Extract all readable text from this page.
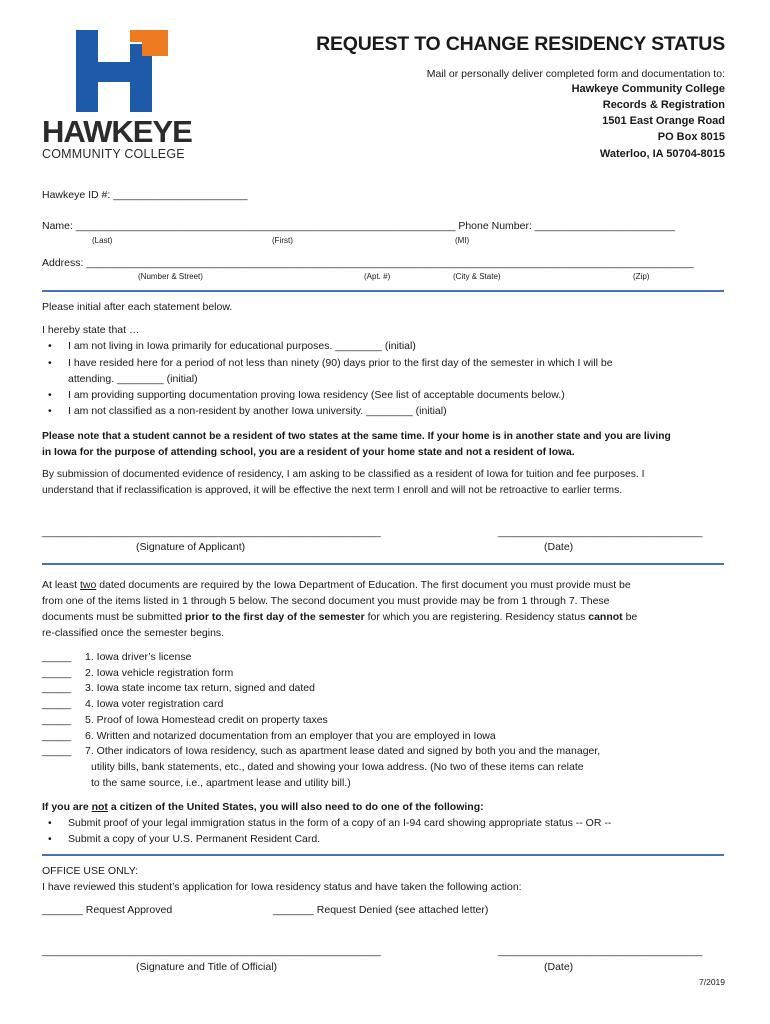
HAWKEYE
COMMUNITY COLLEGE
REQUEST TO CHANGE RESIDENCY STATUS
Mail or personally deliver completed form and documentation to:
Hawkeye Community College
Records & Registration
1501 East Orange Road
PO Box 8015
Waterloo, IA 50704-8015
Hawkeye ID #: _______________________
Name: _________________________________________________________________ Phone Number: ________________________
(Last)	(First)	(MI)
Address: ________________________________________________________________________________________________________
(Number & Street)	(Apt. #)	(City & State)	(Zip)
Please initial after each statement below.
I hereby state that …
• I am not living in Iowa primarily for educational purposes. ________ (initial)
• I have resided here for a period of not less than ninety (90) days prior to the first day of the semester in which I will be
attending. ________ (initial)
• I am providing supporting documentation proving Iowa residency (See list of acceptable documents below.)
• I am not classified as a non-resident by another Iowa university. ________ (initial)
Please note that a student cannot be a resident of two states at the same time. If your home is in another state and you are living
in Iowa for the purpose of attending school, you are a resident of your home state and not a resident of Iowa.
By submission of documented evidence of residency, I am asking to be classified as a resident of Iowa for tuition and fee purposes. I
understand that if reclassification is approved, it will be effective the next term I enroll and will not be retroactive to earlier terms.
__________________________________________________________	___________________________________
(Signature of Applicant)	(Date)
At least two dated documents are required by the Iowa Department of Education. The first document you must provide must be
from one of the items listed in 1 through 5 below. The second document you must provide may be from 1 through 7. These
documents must be submitted prior to the first day of the semester for which you are registering. Residency status cannot be
re-classified once the semester begins.
_____ 1. Iowa driver’s license
_____ 2. Iowa vehicle registration form
_____ 3. Iowa state income tax return, signed and dated
_____ 4. Iowa voter registration card
_____ 5. Proof of Iowa Homestead credit on property taxes
_____ 6. Written and notarized documentation from an employer that you are employed in Iowa
_____ 7. Other indicators of Iowa residency, such as apartment lease dated and signed by both you and the manager,
utility bills, bank statements, etc., dated and showing your Iowa address. (No two of these items can relate
to the same source, i.e., apartment lease and utility bill.)
If you are not a citizen of the United States, you will also need to do one of the following:
• Submit proof of your legal immigration status in the form of a copy of an I-94 card showing appropriate status -- OR --
• Submit a copy of your U.S. Permanent Resident Card.
OFFICE USE ONLY:
I have reviewed this student’s application for Iowa residency status and have taken the following action:
_______ Request Approved	_______ Request Denied (see attached letter)
__________________________________________________________	___________________________________
(Signature and Title of Official)	(Date)
7/2019
